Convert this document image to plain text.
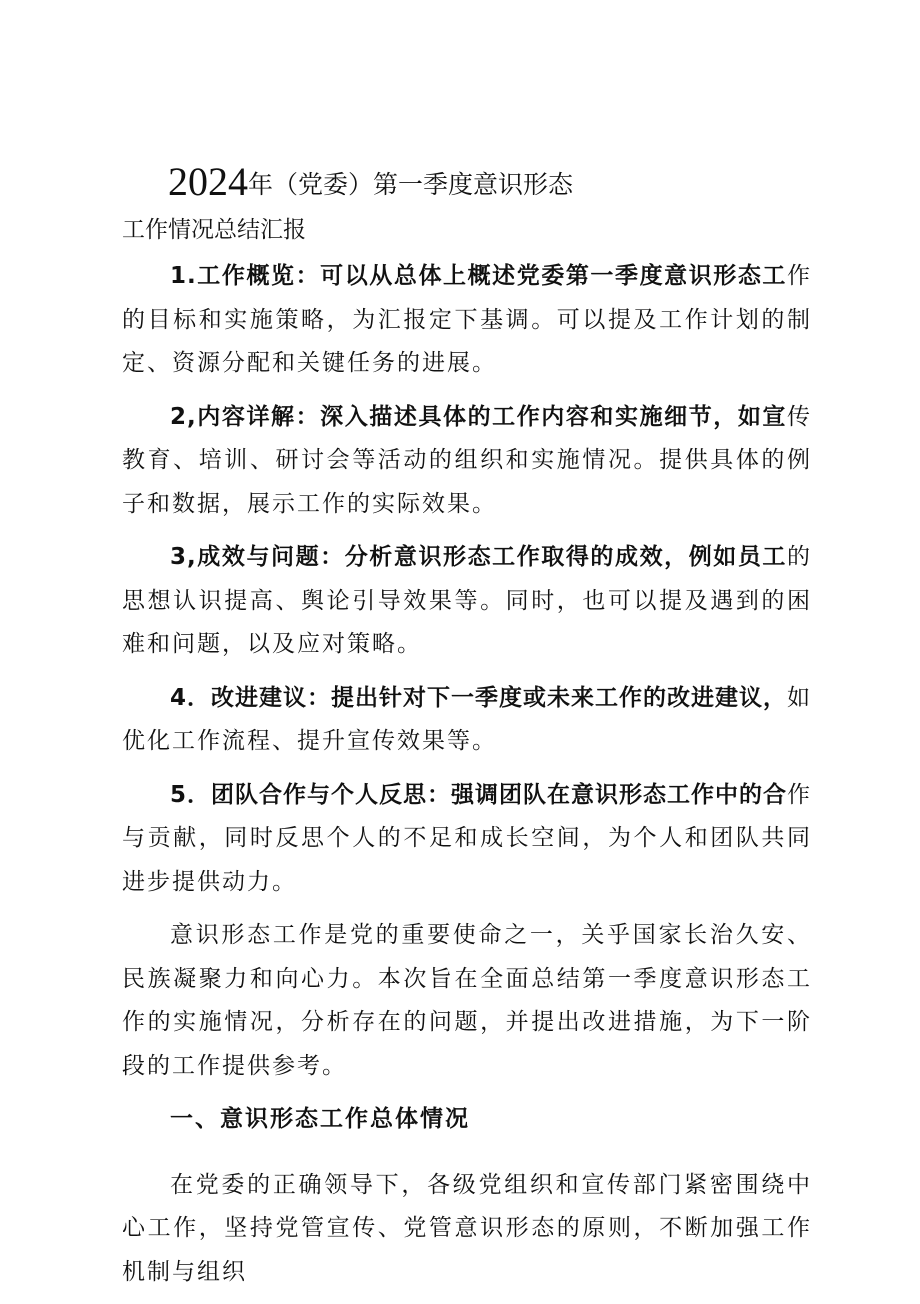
2024年（党委）第一季度意识形态
工作情况总结汇报

1.工作概览：可以从总体上概述党委第一季度意识形态工作的目标和实施策略，为汇报定下基调。可以提及工作计划的制定、资源分配和关键任务的进展。

2,内容详解：深入描述具体的工作内容和实施细节，如宣传教育、培训、研讨会等活动的组织和实施情况。提供具体的例子和数据，展示工作的实际效果。

3,成效与问题：分析意识形态工作取得的成效，例如员工的思想认识提高、舆论引导效果等。同时，也可以提及遇到的困难和问题，以及应对策略。

4．改进建议：提出针对下一季度或未来工作的改进建议，如优化工作流程、提升宣传效果等。

5．团队合作与个人反思：强调团队在意识形态工作中的合作与贡献，同时反思个人的不足和成长空间，为个人和团队共同进步提供动力。

意识形态工作是党的重要使命之一，关乎国家长治久安、民族凝聚力和向心力。本次旨在全面总结第一季度意识形态工作的实施情况，分析存在的问题，并提出改进措施，为下一阶段的工作提供参考。

一、意识形态工作总体情况

在党委的正确领导下，各级党组织和宣传部门紧密围绕中心工作，坚持党管宣传、党管意识形态的原则，不断加强工作机制与组织
